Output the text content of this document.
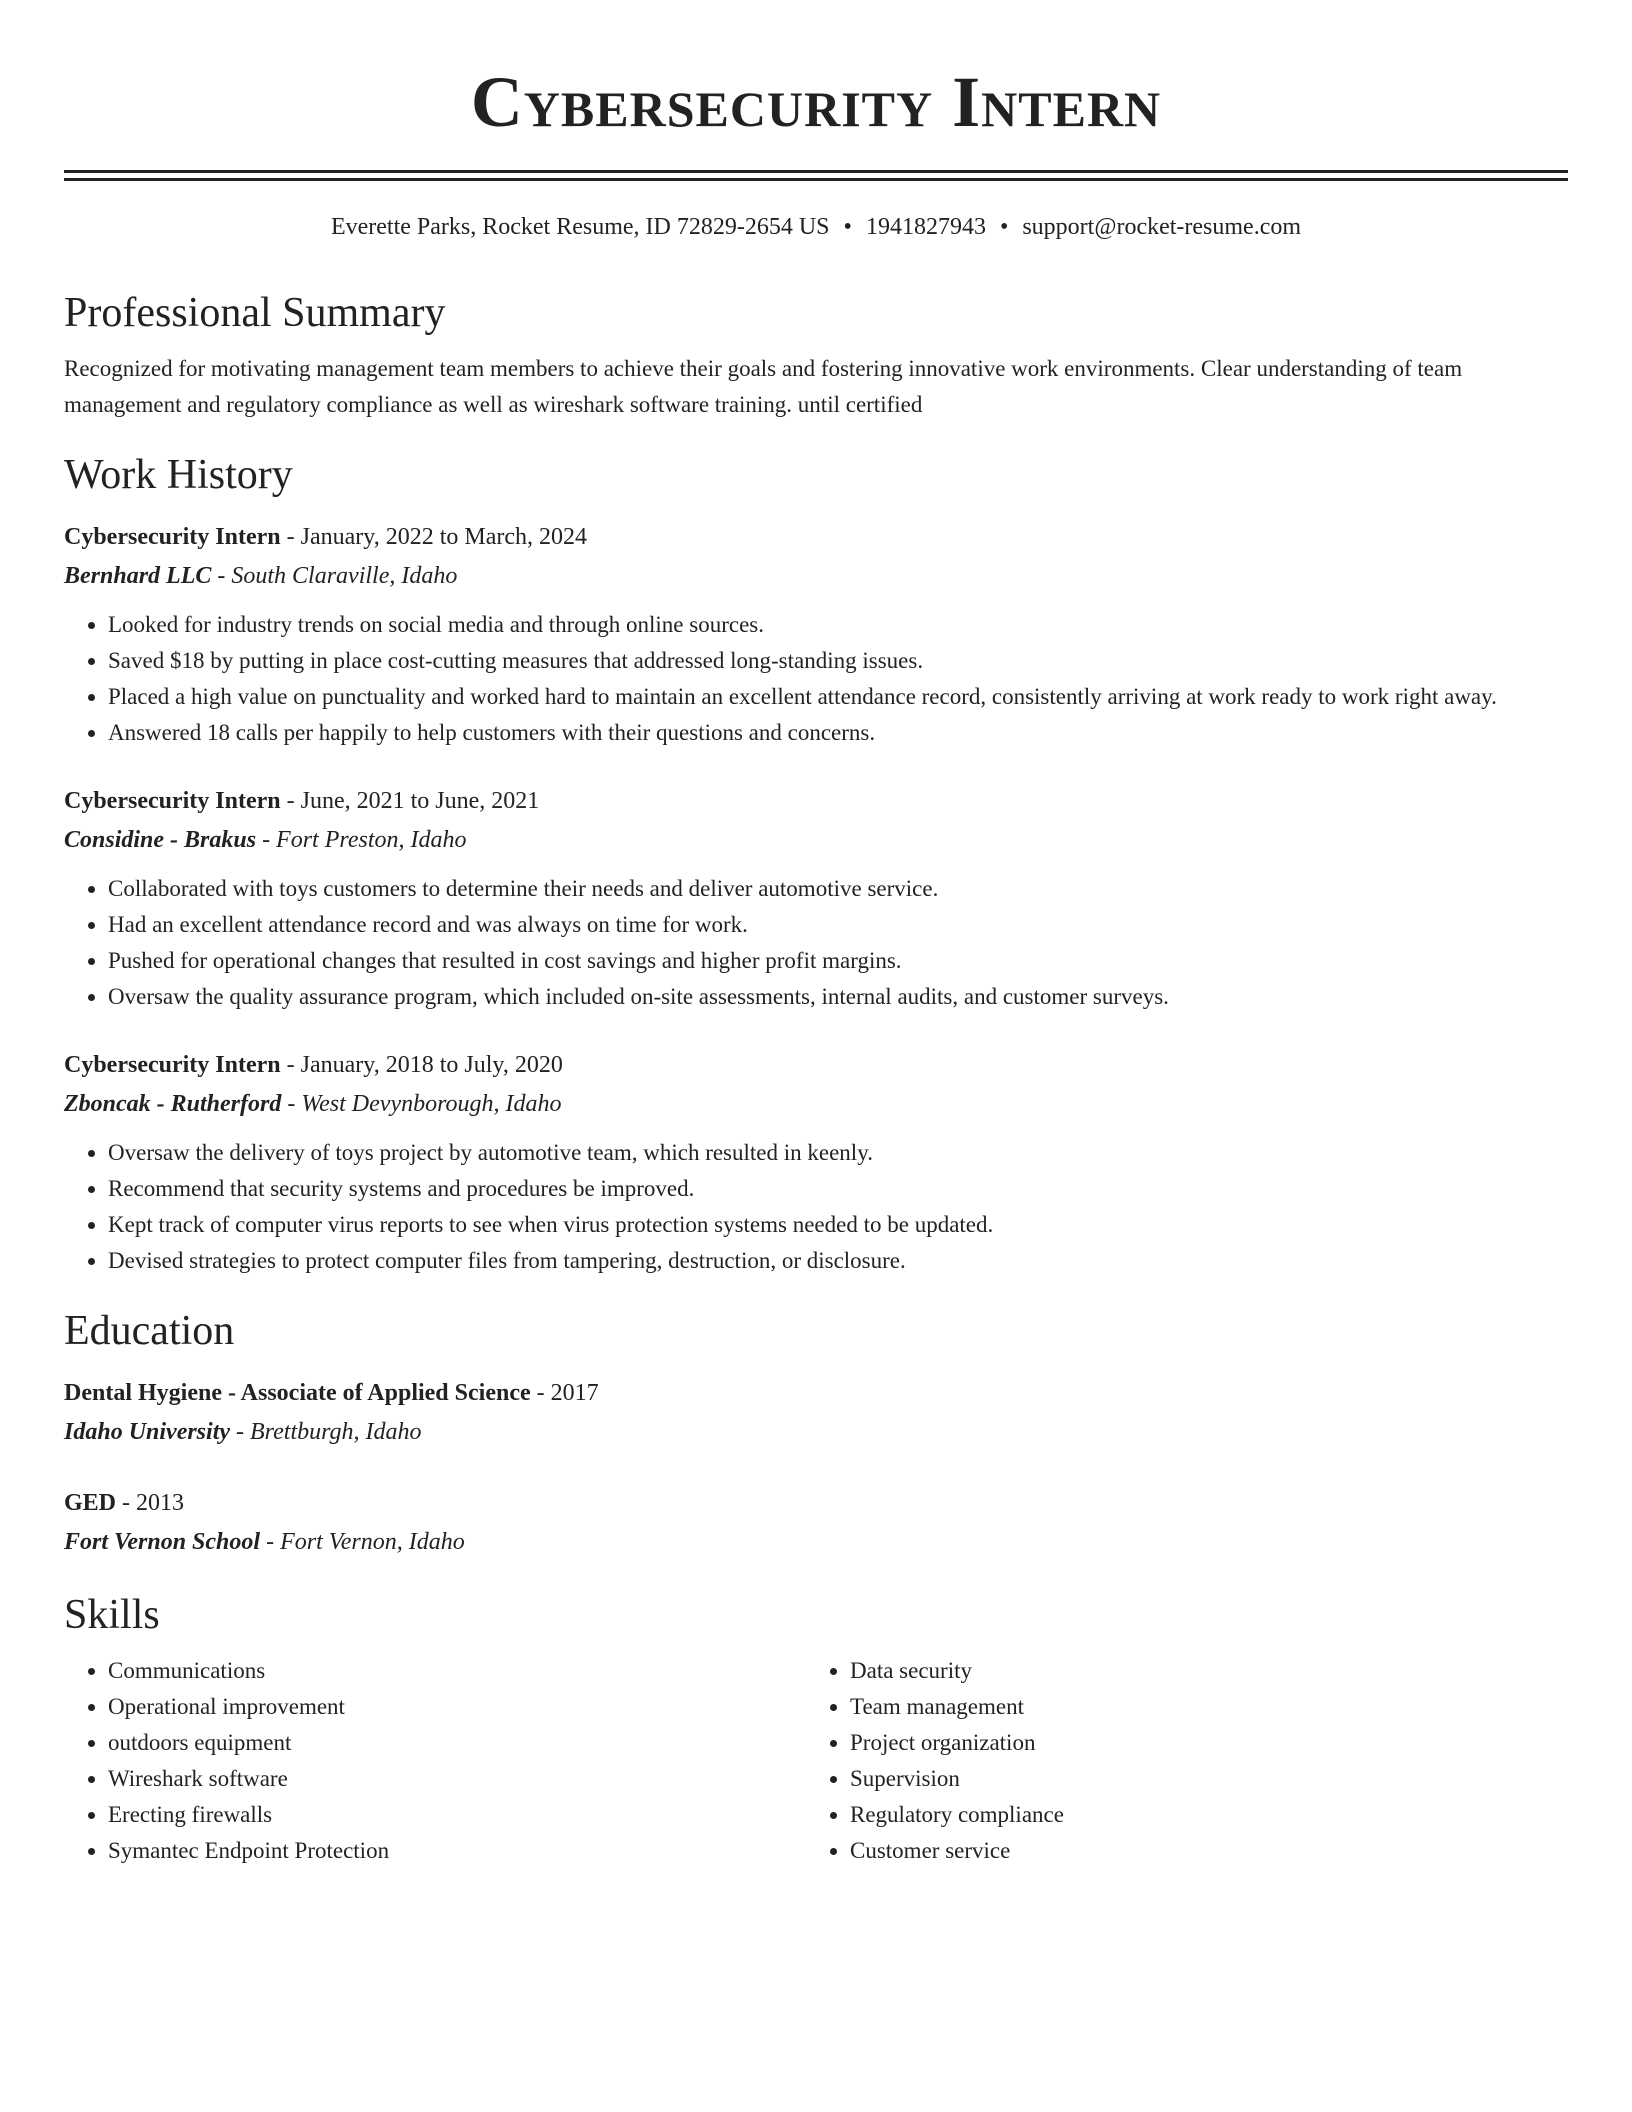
Cybersecurity Intern
Everette Parks, Rocket Resume, ID 72829-2654 US • 1941827943 • support@rocket-resume.com
Professional Summary
Recognized for motivating management team members to achieve their goals and fostering innovative work environments. Clear understanding of team management and regulatory compliance as well as wireshark software training. until certified
Work History
Cybersecurity Intern - January, 2022 to March, 2024
Bernhard LLC - South Claraville, Idaho
• Looked for industry trends on social media and through online sources.
• Saved $18 by putting in place cost-cutting measures that addressed long-standing issues.
• Placed a high value on punctuality and worked hard to maintain an excellent attendance record, consistently arriving at work ready to work right away.
• Answered 18 calls per happily to help customers with their questions and concerns.
Cybersecurity Intern - June, 2021 to June, 2021
Considine - Brakus - Fort Preston, Idaho
• Collaborated with toys customers to determine their needs and deliver automotive service.
• Had an excellent attendance record and was always on time for work.
• Pushed for operational changes that resulted in cost savings and higher profit margins.
• Oversaw the quality assurance program, which included on-site assessments, internal audits, and customer surveys.
Cybersecurity Intern - January, 2018 to July, 2020
Zboncak - Rutherford - West Devynborough, Idaho
• Oversaw the delivery of toys project by automotive team, which resulted in keenly.
• Recommend that security systems and procedures be improved.
• Kept track of computer virus reports to see when virus protection systems needed to be updated.
• Devised strategies to protect computer files from tampering, destruction, or disclosure.
Education
Dental Hygiene - Associate of Applied Science - 2017
Idaho University - Brettburgh, Idaho
GED - 2013
Fort Vernon School - Fort Vernon, Idaho
Skills
• Communications
• Operational improvement
• outdoors equipment
• Wireshark software
• Erecting firewalls
• Symantec Endpoint Protection
• Data security
• Team management
• Project organization
• Supervision
• Regulatory compliance
• Customer service
